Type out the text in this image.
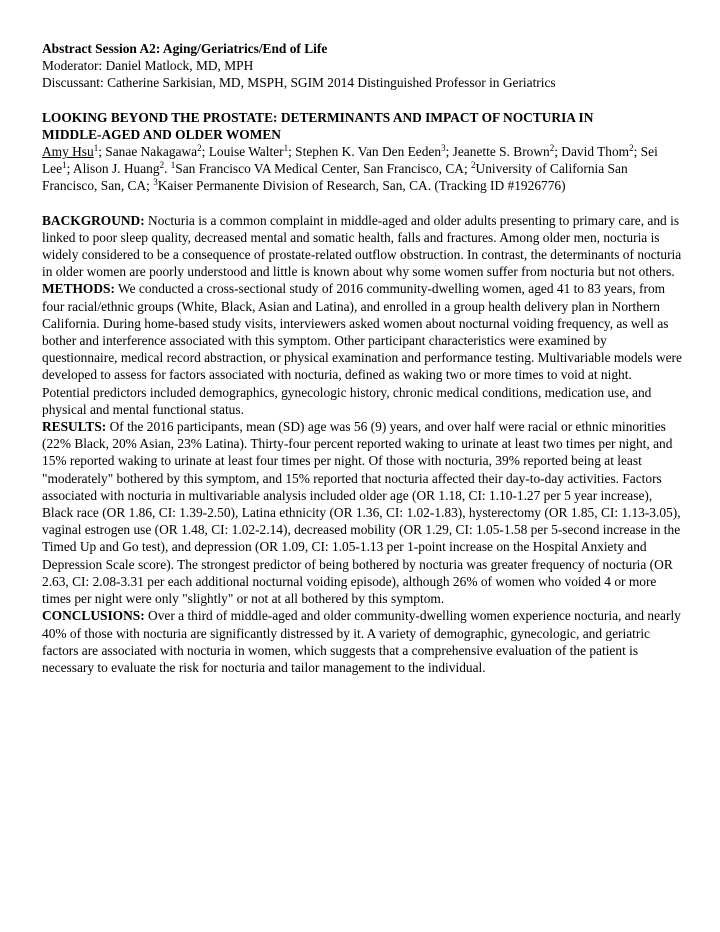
Abstract Session A2: Aging/Geriatrics/End of Life

Moderator: Daniel Matlock, MD, MPH

Discussant: Catherine Sarkisian, MD, MSPH, SGIM 2014 Distinguished Professor in Geriatrics

LOOKING BEYOND THE PROSTATE: DETERMINANTS AND IMPACT OF NOCTURIA IN

MIDDLE-AGED AND OLDER WOMEN

Amy Hsu$^1$; Sanae Nakagawa$^2$; Louise Walter$^1$; Stephen K. Van Den Eeden$^3$; Jeanette S. Brown$^2$; David Thom$^2$; Sei Lee$^1$; Alison J. Huang$^2$. $^1$San Francisco VA Medical Center, San Francisco, CA; $^2$University of California San Francisco, San, CA; $^3$Kaiser Permanente Division of Research, San, CA. (Tracking ID #1926776)

BACKGROUND: Nocturia is a common complaint in middle-aged and older adults presenting to primary care, and is linked to poor sleep quality, decreased mental and somatic health, falls and fractures. Among older men, nocturia is widely considered to be a consequence of prostate-related outflow obstruction. In contrast, the determinants of nocturia in older women are poorly understood and little is known about why some women suffer from nocturia but not others.

METHODS: We conducted a cross-sectional study of 2016 community-dwelling women, aged 41 to 83 years, from four racial/ethnic groups (White, Black, Asian and Latina), and enrolled in a group health delivery plan in Northern California. During home-based study visits, interviewers asked women about nocturnal voiding frequency, as well as bother and interference associated with this symptom. Other participant characteristics were examined by questionnaire, medical record abstraction, or physical examination and performance testing. Multivariable models were developed to assess for factors associated with nocturia, defined as waking two or more times to void at night. Potential predictors included demographics, gynecologic history, chronic medical conditions, medication use, and physical and mental functional status.

RESULTS: Of the 2016 participants, mean (SD) age was 56 (9) years, and over half were racial or ethnic minorities (22% Black, 20% Asian, 23% Latina). Thirty-four percent reported waking to urinate at least two times per night, and 15% reported waking to urinate at least four times per night. Of those with nocturia, 39% reported being at least "moderately" bothered by this symptom, and 15% reported that nocturia affected their day-to-day activities. Factors associated with nocturia in multivariable analysis included older age (OR 1.18, CI: 1.10-1.27 per 5 year increase), Black race (OR 1.86, CI: 1.39-2.50), Latina ethnicity (OR 1.36, CI: 1.02-1.83), hysterectomy (OR 1.85, CI: 1.13-3.05), vaginal estrogen use (OR 1.48, CI: 1.02-2.14), decreased mobility (OR 1.29, CI: 1.05-1.58 per 5-second increase in the Timed Up and Go test), and depression (OR 1.09, CI: 1.05-1.13 per 1-point increase on the Hospital Anxiety and Depression Scale score). The strongest predictor of being bothered by nocturia was greater frequency of nocturia (OR 2.63, CI: 2.08-3.31 per each additional nocturnal voiding episode), although 26% of women who voided 4 or more times per night were only "slightly" or not at all bothered by this symptom.

CONCLUSIONS: Over a third of middle-aged and older community-dwelling women experience nocturia, and nearly 40% of those with nocturia are significantly distressed by it. A variety of demographic, gynecologic, and geriatric factors are associated with nocturia in women, which suggests that a comprehensive evaluation of the patient is necessary to evaluate the risk for nocturia and tailor management to the individual.
